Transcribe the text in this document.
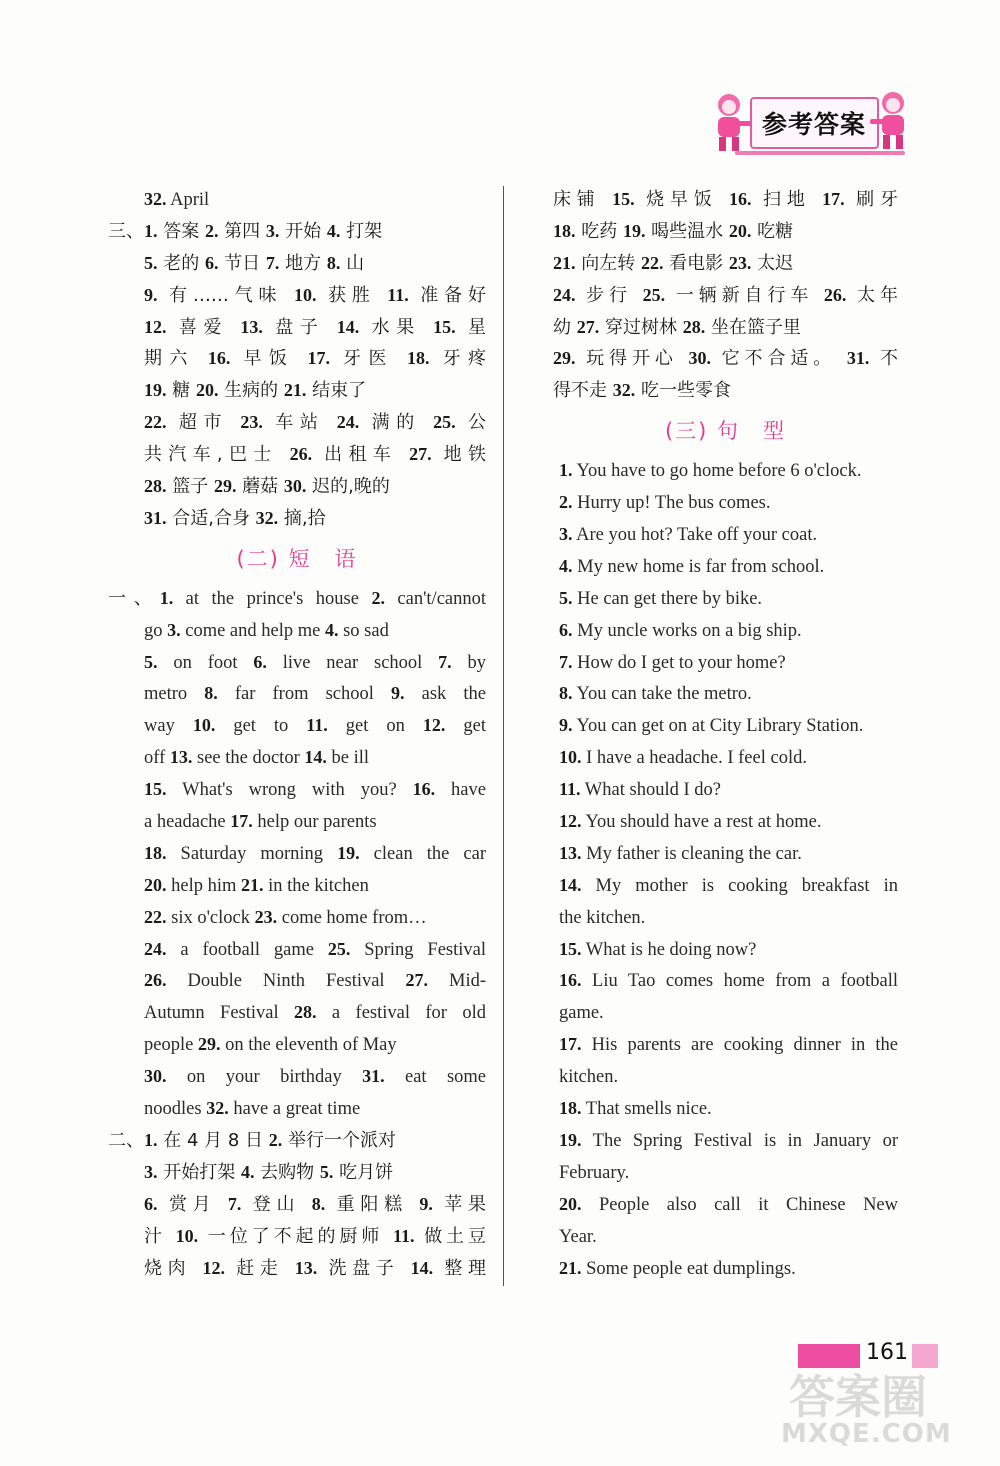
参考答案
32. April
三、1. 答案 2. 第四 3. 开始 4. 打架
5. 老的 6. 节日 7. 地方 8. 山
9. 有……气味 10. 获胜 11. 准备好
12. 喜爱 13. 盘子 14. 水果 15. 星
期六 16. 早饭 17. 牙医 18. 牙疼
19. 糖 20. 生病的 21. 结束了
22. 超市 23. 车站 24. 满的 25. 公
共汽车,巴士 26. 出租车 27. 地铁
28. 篮子 29. 蘑菇 30. 迟的,晚的
31. 合适,合身 32. 摘,拾
(二) 短　语
一、1. at the prince's house 2. can't/cannot
go 3. come and help me 4. so sad
5. on foot 6. live near school 7. by
metro 8. far from school 9. ask the
way 10. get to 11. get on 12. get
off 13. see the doctor 14. be ill
15. What's wrong with you? 16. have
a headache 17. help our parents
18. Saturday morning 19. clean the car
20. help him 21. in the kitchen
22. six o'clock 23. come home from…
24. a football game 25. Spring Festival
26. Double Ninth Festival 27. Mid-
Autumn Festival 28. a festival for old
people 29. on the eleventh of May
30. on your birthday 31. eat some
noodles 32. have a great time
二、1. 在 4 月 8 日 2. 举行一个派对
3. 开始打架 4. 去购物 5. 吃月饼
6. 赏月 7. 登山 8. 重阳糕 9. 苹果
汁 10. 一位了不起的厨师 11. 做土豆
烧肉 12. 赶走 13. 洗盘子 14. 整理
床铺 15. 烧早饭 16. 扫地 17. 刷牙
18. 吃药 19. 喝些温水 20. 吃糖
21. 向左转 22. 看电影 23. 太迟
24. 步行 25. 一辆新自行车 26. 太年
幼 27. 穿过树林 28. 坐在篮子里
29. 玩得开心 30. 它不合适。 31. 不
得不走 32. 吃一些零食
(三) 句　型
1. You have to go home before 6 o'clock.
2. Hurry up! The bus comes.
3. Are you hot? Take off your coat.
4. My new home is far from school.
5. He can get there by bike.
6. My uncle works on a big ship.
7. How do I get to your home?
8. You can take the metro.
9. You can get on at City Library Station.
10. I have a headache. I feel cold.
11. What should I do?
12. You should have a rest at home.
13. My father is cleaning the car.
14. My mother is cooking breakfast in
the kitchen.
15. What is he doing now?
16. Liu Tao comes home from a football
game.
17. His parents are cooking dinner in the
kitchen.
18. That smells nice.
19. The Spring Festival is in January or
February.
20. People also call it Chinese New
Year.
21. Some people eat dumplings.
161
答案圈
MXQE.COM
